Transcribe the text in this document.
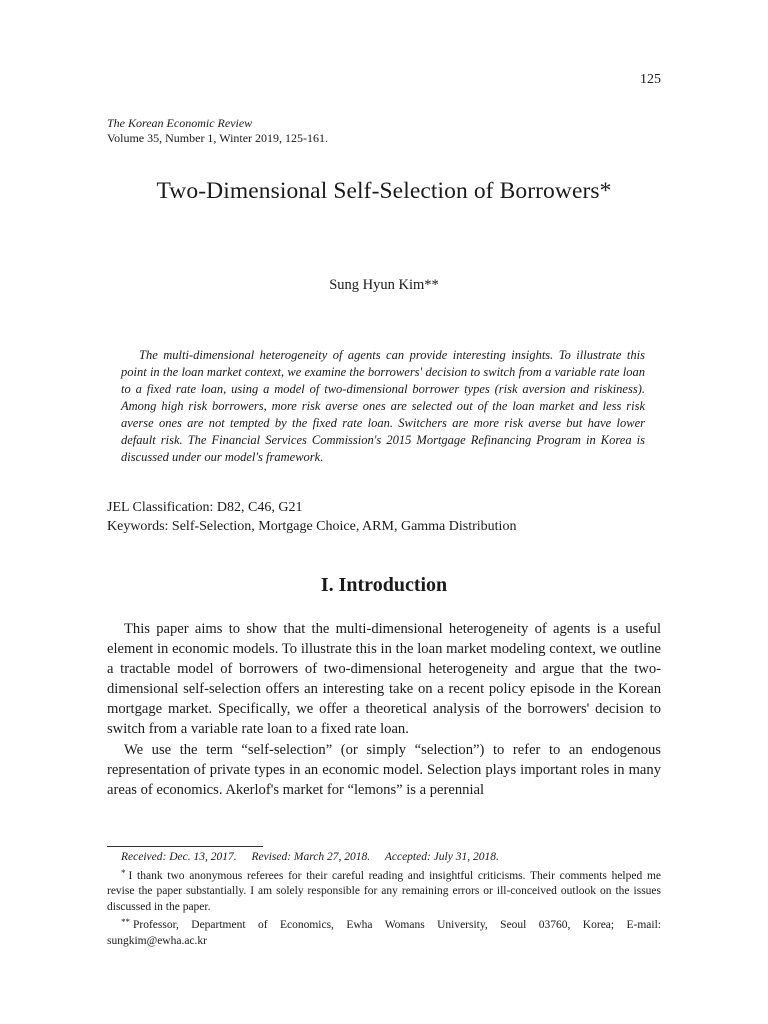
125
The Korean Economic Review
Volume 35, Number 1, Winter 2019, 125-161.
Two-Dimensional Self-Selection of Borrowers*
Sung Hyun Kim**

The multi-dimensional heterogeneity of agents can provide interesting insights. To illustrate this point in the loan market context, we examine the borrowers' decision to switch from a variable rate loan to a fixed rate loan, using a model of two-dimensional borrower types (risk aversion and riskiness). Among high risk borrowers, more risk averse ones are selected out of the loan market and less risk averse ones are not tempted by the fixed rate loan. Switchers are more risk averse but have lower default risk. The Financial Services Commission's 2015 Mortgage Refinancing Program in Korea is discussed under our model's framework.

JEL Classification: D82, C46, G21
Keywords: Self-Selection, Mortgage Choice, ARM, Gamma Distribution
I. Introduction

This paper aims to show that the multi-dimensional heterogeneity of agents is a useful element in economic models. To illustrate this in the loan market modeling context, we outline a tractable model of borrowers of two-dimensional heterogeneity and argue that the two-dimensional self-selection offers an interesting take on a recent policy episode in the Korean mortgage market. Specifically, we offer a theoretical analysis of the borrowers' decision to switch from a variable rate loan to a fixed rate loan.

We use the term “self-selection” (or simply “selection”) to refer to an endogenous representation of private types in an economic model. Selection plays important roles in many areas of economics. Akerlof's market for “lemons” is a perennial

Received: Dec. 13, 2017. Revised: March 27, 2018. Accepted: July 31, 2018.

* I thank two anonymous referees for their careful reading and insightful criticisms. Their comments helped me revise the paper substantially. I am solely responsible for any remaining errors or ill-conceived outlook on the issues discussed in the paper.

** Professor, Department of Economics, Ewha Womans University, Seoul 03760, Korea; E-mail: sungkim@ewha.ac.kr
